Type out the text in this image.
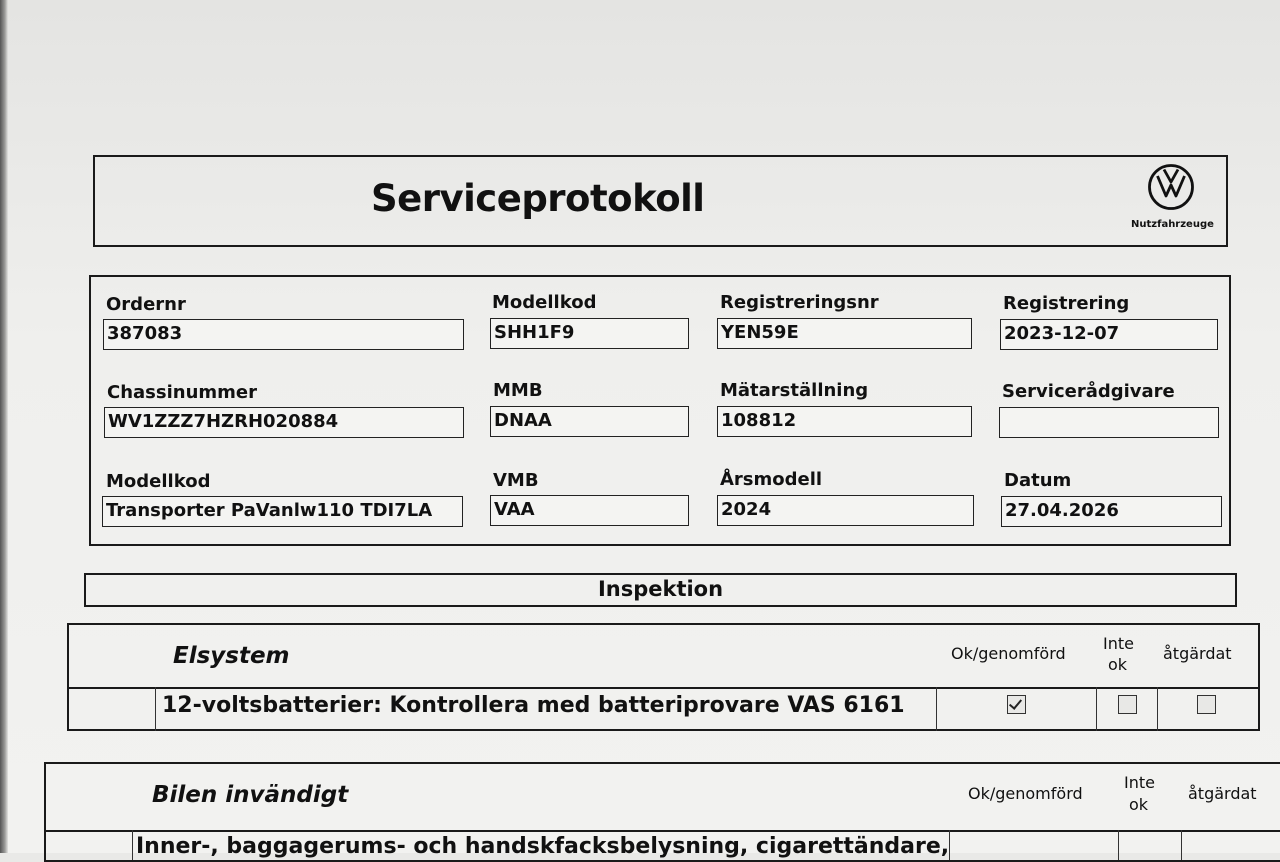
Serviceprotokoll
Nutzfahrzeuge
Ordernr
387083
Modellkod
SHH1F9
Registreringsnr
YEN59E
Registrering
2023-12-07
Chassinummer
WV1ZZZ7HZRH020884
MMB
DNAA
Mätarställning
108812
Servicerådgivare
Modellkod
Transporter PaVanlw110 TDI7LA
VMB
VAA
Årsmodell
2024
Datum
27.04.2026
Inspektion
Elsystem	Ok/genomförd
Inte
ok
åtgärdat
12-voltsbatterier: Kontrollera med batteriprovare VAS 6161
Bilen invändigt	Ok/genomförd
Inte
ok
åtgärdat
Inner-, baggagerums- och handskfacksbelysning, cigarettändare,
